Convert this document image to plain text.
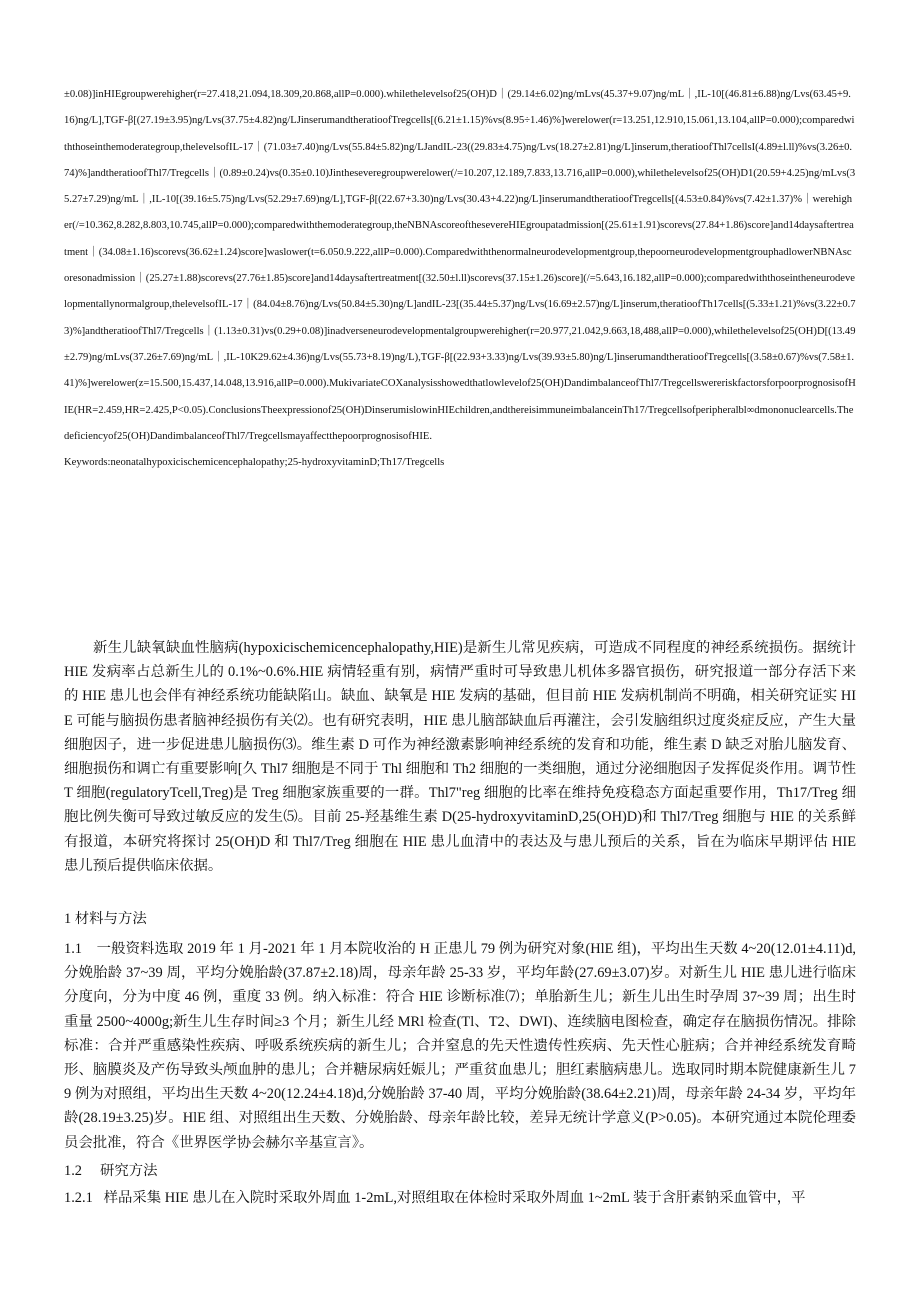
±0.08)]inHIEgroupwerehigher(r=27.418,21.094,18.309,20.868,allP=0.000).whilethelevelsof25(OH)D｜(29.14±6.02)ng/mLvs(45.37+9.07)ng/mL｜,IL-10[(46.81±6.88)ng/Lvs(63.45+9.16)ng/L],TGF-β[(27.19±3.95)ng/Lvs(37.75±4.82)ng/LJinserumandtheratioofTregcells[(6.21±1.15)%vs(8.95÷1.46)%]werelower(r=13.251,12.910,15.061,13.104,allP=0.000);comparedwiththoseinthemoderategroup,thelevelsofIL-17｜(71.03±7.40)ng/Lvs(55.84±5.82)ng/LJandIL-23((29.83±4.75)ng/Lvs(18.27±2.81)ng/L]inserum,theratioofThl7cellsI(4.89±l.ll)%vs(3.26±0.74)%]andtheratioofThl7/Tregcells｜(0.89±0.24)vs(0.35±0.10)Jintheseveregroupwerelower(/=10.207,12.189,7.833,13.716,allP=0.000),whilethelevelsof25(OH)D1(20.59+4.25)ng/mLvs(35.27±7.29)ng/mL｜,IL-10[(39.16±5.75)ng/Lvs(52.29±7.69)ng/L],TGF-β[(22.67+3.30)ng/Lvs(30.43+4.22)ng/L]inserumandtheratioofTregcells[(4.53±0.84)%vs(7.42±1.37)%｜werehigher(/=10.362,8.282,8.803,10.745,allP=0.000);comparedwiththemoderategroup,theNBNAscoreoftheseverеHIEgroupatadmission[(25.61±1.91)scorevs(27.84+1.86)score]and14daysaftertreatment｜(34.08±1.16)scorevs(36.62±1.24)score]waslower(t=6.050.9.222,allP=0.000).Comparedwiththenormalneurodevelopmentgroup,thepoorneurodevelopmentgrouphadlowerNBNAscoresonadmission｜(25.27±1.88)scorevs(27.76±1.85)score]and14daysaftertreatment[(32.50±l.ll)scorevs(37.15±1.26)score](/=5.643,16.182,allP=0.000);comparedwiththoseintheneurodevelopmentallynormalgroup,thelevelsofIL-17｜(84.04±8.76)ng/Lvs(50.84±5.30)ng/L]andIL-23[(35.44±5.37)ng/Lvs(16.69±2.57)ng/L]inserum,theratioofTh17cells[(5.33±1.21)%vs(3.22±0.73)%]andtheratioofThl7/Tregcells｜(1.13±0.31)vs(0.29+0.08)]inadverseneurodevelopmentalgroupwerehigher(r=20.977,21.042,9.663,18,488,allP=0.000),whilethelevelsof25(OH)D[(13.49±2.79)ng/mLvs(37.26±7.69)ng/mL｜,IL-10K29.62±4.36)ng/Lvs(55.73+8.19)ng/L),TGF-β[(22.93+3.33)ng/Lvs(39.93±5.80)ng/L]inserumandtheratioofTregcells[(3.58±0.67)%vs(7.58±1.41)%]werelower(z=15.500,15.437,14.048,13.916,allP=0.000).MukivariateCOXanalysisshowedthatlowlevelof25(OH)DandimbalanceofThl7/TregcellswereriskfactorsforpoorprognosisofHIE(HR=2.459,HR=2.425,P<0.05).ConclusionsTheexpressionof25(OH)DinserumislowinHIEchildren,andthereisimmuneimbalanceinTh17/Tregcellsofperipheralbl∞dmononuclearcells.Thedeficiencyof25(OH)DandimbalanceofThl7/TregcellsmayaffectthepoorprognosisofHIE.

Keywords:neonatalhypoxicischemicencephalopathy;25-hydroxyvitaminD;Th17/Tregcells

新生儿缺氧缺血性脑病(hypoxicischemicencephalopathy,HIE)是新生儿常见疾病，可造成不同程度的神经系统损伤。据统计 HIE 发病率占总新生儿的 0.1%~0.6%.HIE 病情轻重有别，病情严重时可导致患儿机体多器官损伤，研究报道一部分存活下来的 HIE 患儿也会伴有神经系统功能缺陷山。缺血、缺氧是 HIE 发病的基础，但目前 HIE 发病机制尚不明确，相关研究证实 HIE 可能与脑损伤患者脑神经损伤有关⑵。也有研究表明，HIE 患儿脑部缺血后再灌注，会引发脑组织过度炎症反应，产生大量细胞因子，进一步促进患儿脑损伤⑶。维生素 D 可作为神经激素影响神经系统的发育和功能，维生素 D 缺乏对胎儿脑发育、细胞损伤和调亡有重要影响[久 Thl7 细胞是不同于 Thl 细胞和 Th2 细胞的一类细胞，通过分泌细胞因子发挥促炎作用。调节性 T 细胞(regulatoryTcell,Treg)是 Treg 细胞家族重要的一群。Thl7"reg 细胞的比率在维持免疫稳态方面起重要作用，Th17/Treg 细胞比例失衡可导致过敏反应的发生⑸。目前 25-羟基维生素 D(25-hydroxyvitaminD,25(OH)D)和 Thl7/Treg 细胞与 HIE 的关系鲜有报道，本研究将探讨 25(OH)D 和 Thl7/Treg 细胞在 HIE 患儿血清中的表达及与患儿预后的关系，旨在为临床早期评估 HIE 患儿预后提供临床依据。

1 材料与方法

1.1 一般资料选取 2019 年 1 月-2021 年 1 月本院收治的 H 正患儿 79 例为研究对象(HlE 组)，平均出生天数 4~20(12.01±4.11)d,分娩胎龄 37~39 周，平均分娩胎龄(37.87±2.18)周，母亲年龄 25-33 岁，平均年龄(27.69±3.07)岁。对新生儿 HIE 患儿进行临床分度向，分为中度 46 例，重度 33 例。纳入标准：符合 HIE 诊断标准⑺；单胎新生儿；新生儿出生时孕周 37~39 周；出生时重量 2500~4000g;新生儿生存时间≥3 个月；新生儿经 MRl 检查(Tl、T2、DWI)、连续脑电图检查，确定存在脑损伤情况。排除标准：合并严重感染性疾病、呼吸系统疾病的新生儿；合并窒息的先天性遗传性疾病、先天性心脏病；合并神经系统发育畸形、脑膜炎及产伤导致头颅血肿的患儿；合并糖尿病妊娠儿；严重贫血患儿；胆红素脑病患儿。选取同时期本院健康新生儿 79 例为对照组，平均出生天数 4~20(12.24±4.18)d,分娩胎龄 37-40 周，平均分娩胎龄(38.64±2.21)周，母亲年龄 24-34 岁，平均年龄(28.19±3.25)岁。HlE 组、对照组出生天数、分娩胎龄、母亲年龄比较，差异无统计学意义(P>0.05)。本研究通过本院伦理委员会批准，符合《世界医学协会赫尔辛基宣言》。

1.2　 研究方法

1.2.1 样品采集 HIE 患儿在入院时采取外周血 1-2mL,对照组取在体检时采取外周血 1~2mL 装于含肝素钠采血管中，平
